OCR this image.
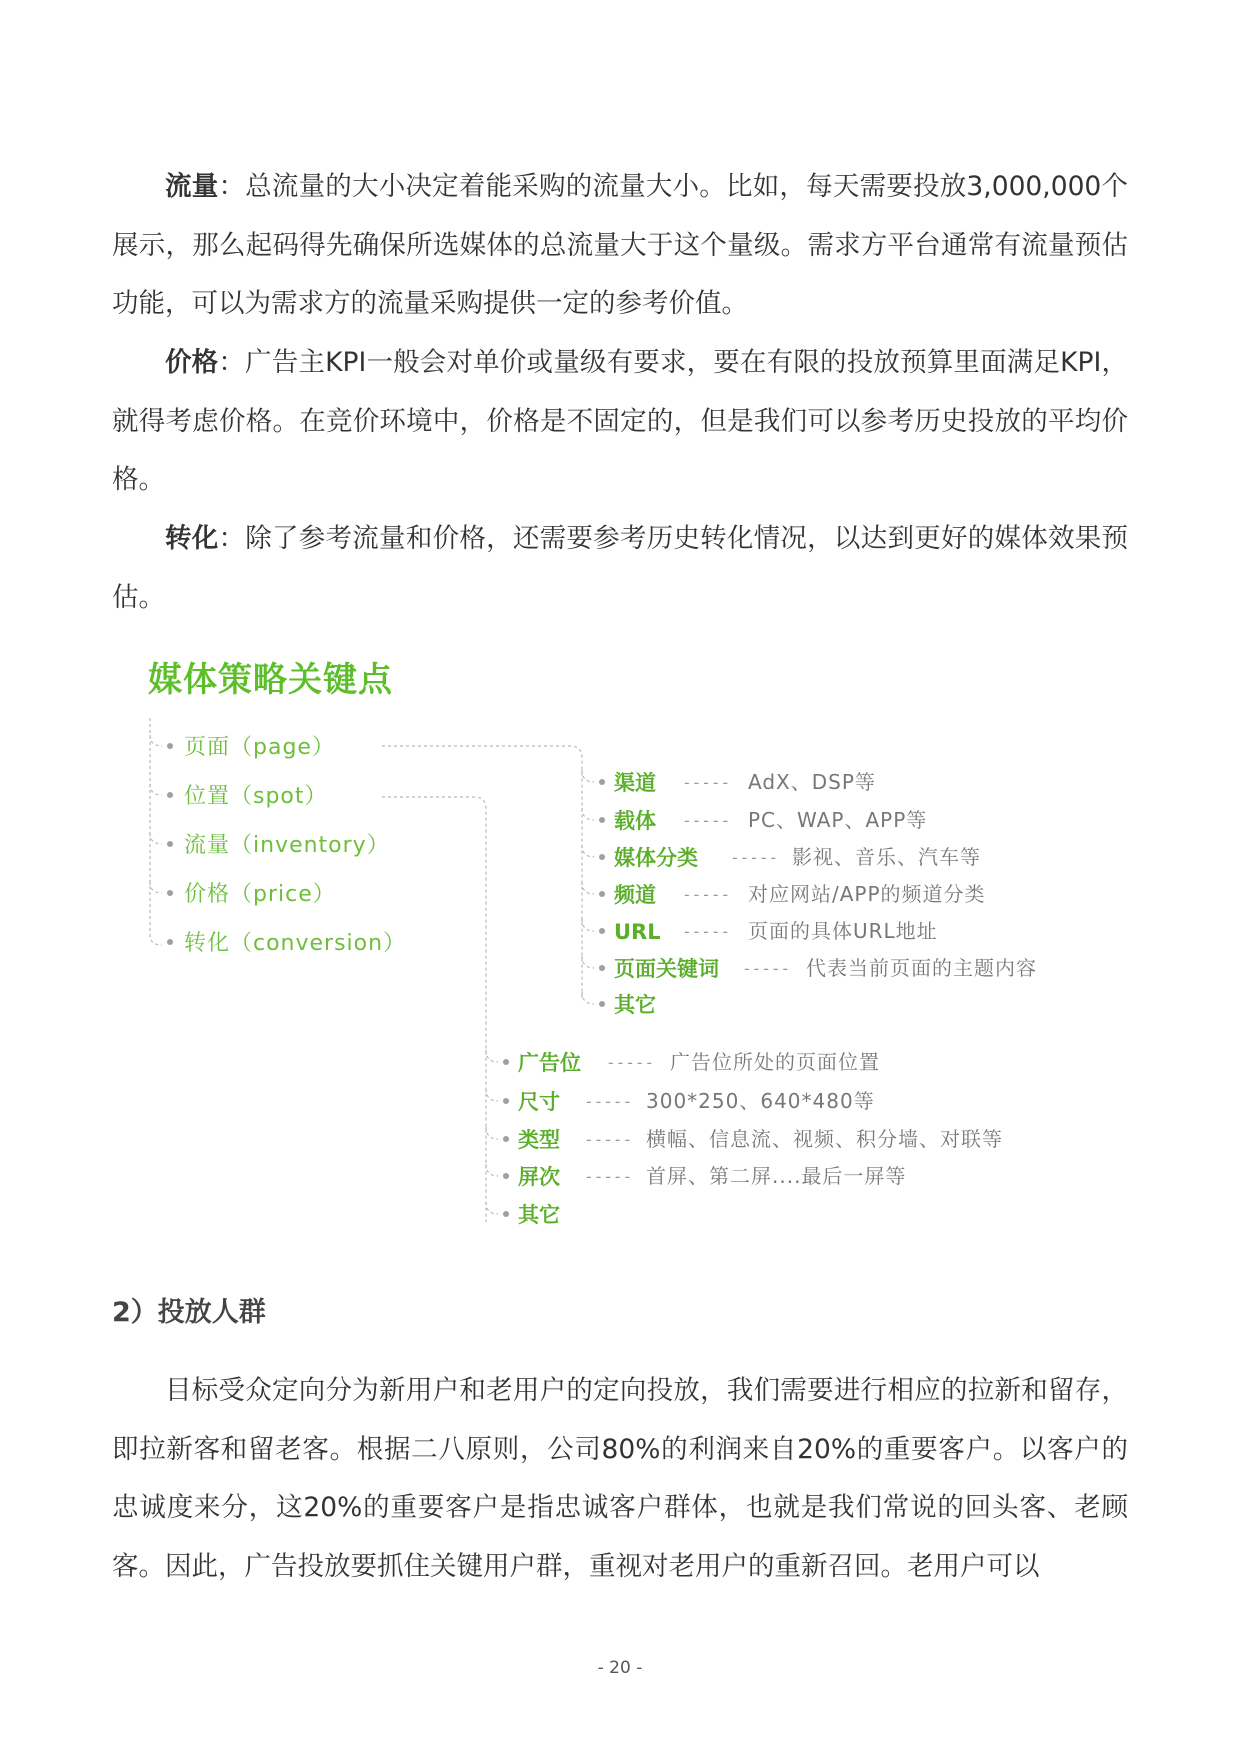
流量：总流量的大小决定着能采购的流量大小。比如，每天需要投放3,000,000个展示，那么起码得先确保所选媒体的总流量大于这个量级。需求方平台通常有流量预估功能，可以为需求方的流量采购提供一定的参考价值。

价格：广告主KPI一般会对单价或量级有要求，要在有限的投放预算里面满足KPI，就得考虑价格。在竞价环境中，价格是不固定的，但是我们可以参考历史投放的平均价格。

转化：除了参考流量和价格，还需要参考历史转化情况，以达到更好的媒体效果预估。

媒体策略关键点
页面（page）
位置（spot）
流量（inventory）
价格（price）
转化（conversion）
渠道 ----- AdX、DSP等
载体 ----- PC、WAP、APP等
媒体分类 ----- 影视、音乐、汽车等
频道 ----- 对应网站/APP的频道分类
URL ----- 页面的具体URL地址
页面关键词 ----- 代表当前页面的主题内容
其它
广告位 ----- 广告位所处的页面位置
尺寸 ----- 300*250、640*480等
类型 ----- 横幅、信息流、视频、积分墙、对联等
屏次 ----- 首屏、第二屏....最后一屏等
其它
2）投放人群

目标受众定向分为新用户和老用户的定向投放，我们需要进行相应的拉新和留存，即拉新客和留老客。根据二八原则，公司80%的利润来自20%的重要客户。以客户的忠诚度来分，这20%的重要客户是指忠诚客户群体，也就是我们常说的回头客、老顾客。因此，广告投放要抓住关键用户群，重视对老用户的重新召回。老用户可以

- 20 -
